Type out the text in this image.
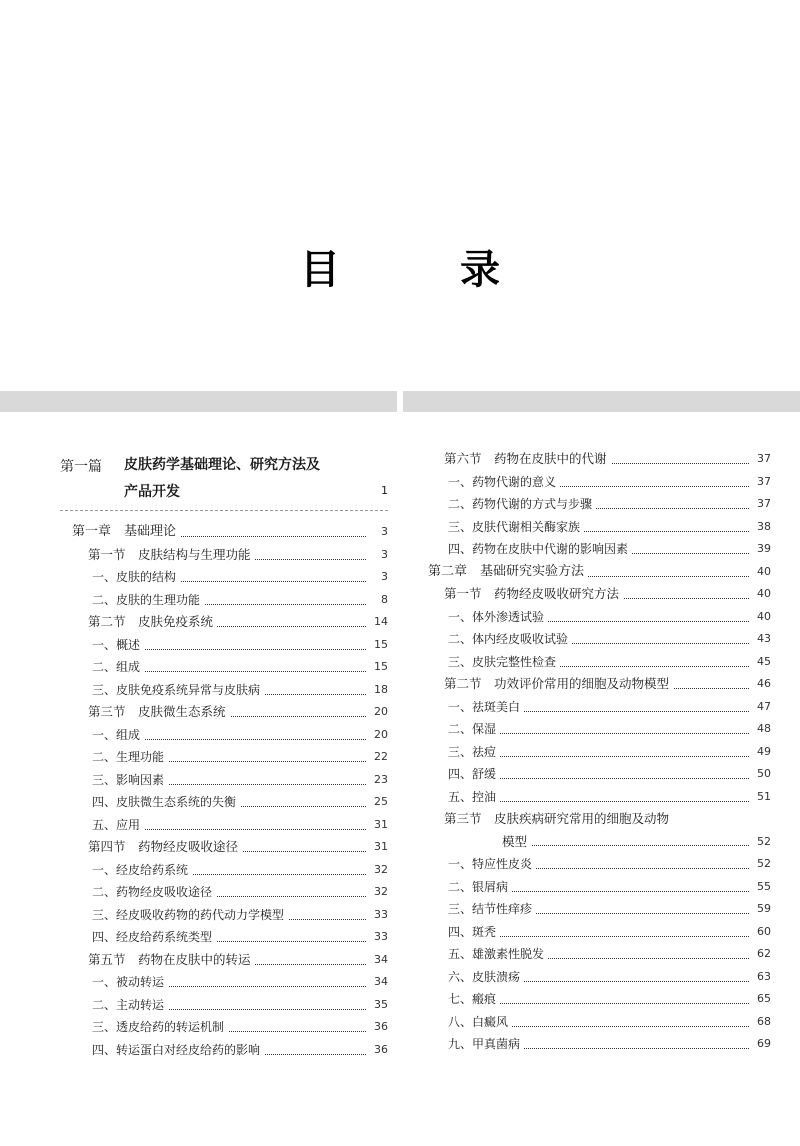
目　录
第一篇 皮肤药学基础理论、研究方法及
产品开发	1
第一章　基础理论	3
第一节　皮肤结构与生理功能	3
一、皮肤的结构	3
二、皮肤的生理功能	8
第二节　皮肤免疫系统	14
一、概述	15
二、组成	15
三、皮肤免疫系统异常与皮肤病	18
第三节　皮肤微生态系统	20
一、组成	20
二、生理功能	22
三、影响因素	23
四、皮肤微生态系统的失衡	25
五、应用	31
第四节　药物经皮吸收途径	31
一、经皮给药系统	32
二、药物经皮吸收途径	32
三、经皮吸收药物的药代动力学模型	33
四、经皮给药系统类型	33
第五节　药物在皮肤中的转运	34
一、被动转运	34
二、主动转运	35
三、透皮给药的转运机制	36
四、转运蛋白对经皮给药的影响	36
第六节　药物在皮肤中的代谢	37
一、药物代谢的意义	37
二、药物代谢的方式与步骤	37
三、皮肤代谢相关酶家族	38
四、药物在皮肤中代谢的影响因素	39
第二章　基础研究实验方法	40
第一节　药物经皮吸收研究方法	40
一、体外渗透试验	40
二、体内经皮吸收试验	43
三、皮肤完整性检查	45
第二节　功效评价常用的细胞及动物模型	46
一、祛斑美白	47
二、保湿	48
三、祛痘	49
四、舒缓	50
五、控油	51
第三节　皮肤疾病研究常用的细胞及动物
模型	52
一、特应性皮炎	52
二、银屑病	55
三、结节性痒疹	59
四、斑秃	60
五、雄激素性脱发	62
六、皮肤溃疡	63
七、瘢痕	65
八、白癜风	68
九、甲真菌病	69
